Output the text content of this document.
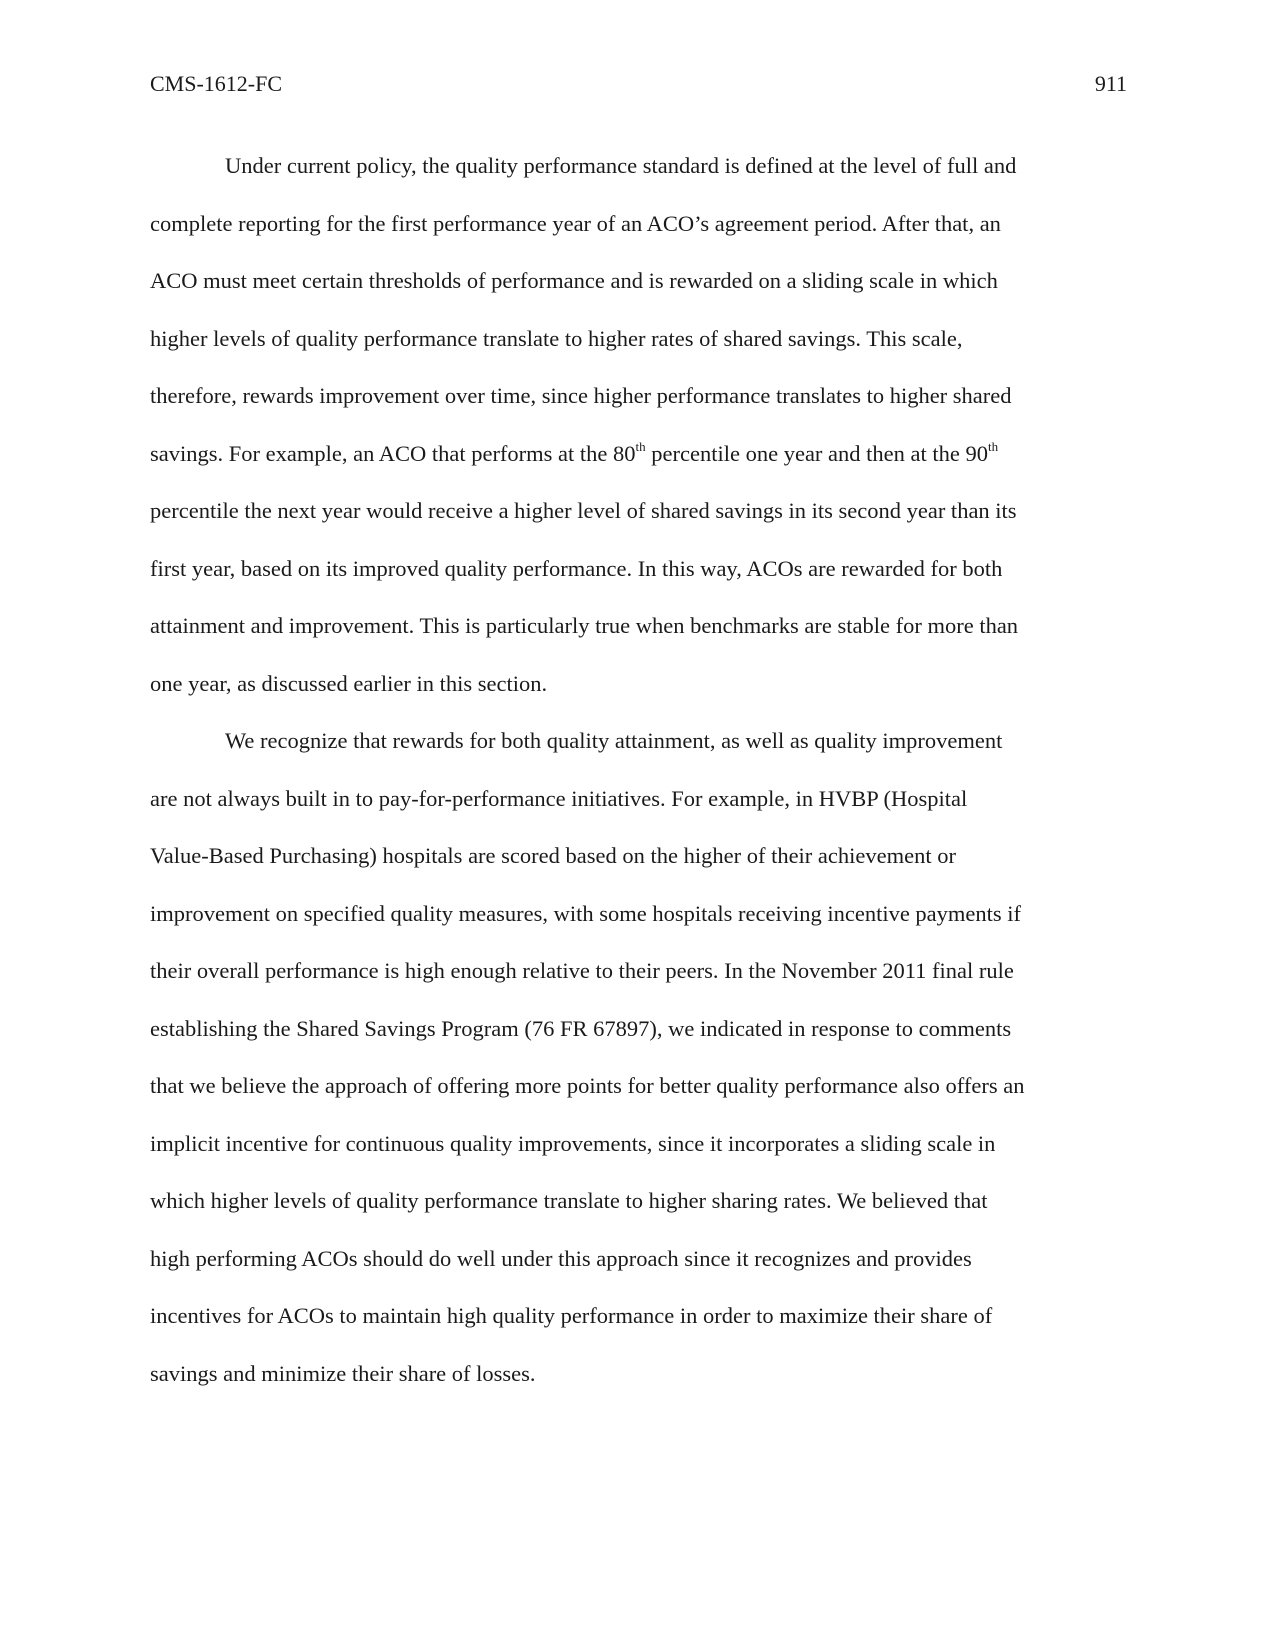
CMS-1612-FC	911
Under current policy, the quality performance standard is defined at the level of full and
complete reporting for the first performance year of an ACO’s agreement period. After that, an
ACO must meet certain thresholds of performance and is rewarded on a sliding scale in which
higher levels of quality performance translate to higher rates of shared savings. This scale,
therefore, rewards improvement over time, since higher performance translates to higher shared
savings. For example, an ACO that performs at the 80th percentile one year and then at the 90th
percentile the next year would receive a higher level of shared savings in its second year than its
first year, based on its improved quality performance. In this way, ACOs are rewarded for both
attainment and improvement. This is particularly true when benchmarks are stable for more than
one year, as discussed earlier in this section.
We recognize that rewards for both quality attainment, as well as quality improvement
are not always built in to pay-for-performance initiatives. For example, in HVBP (Hospital
Value-Based Purchasing) hospitals are scored based on the higher of their achievement or
improvement on specified quality measures, with some hospitals receiving incentive payments if
their overall performance is high enough relative to their peers. In the November 2011 final rule
establishing the Shared Savings Program (76 FR 67897), we indicated in response to comments
that we believe the approach of offering more points for better quality performance also offers an
implicit incentive for continuous quality improvements, since it incorporates a sliding scale in
which higher levels of quality performance translate to higher sharing rates. We believed that
high performing ACOs should do well under this approach since it recognizes and provides
incentives for ACOs to maintain high quality performance in order to maximize their share of
savings and minimize their share of losses.
